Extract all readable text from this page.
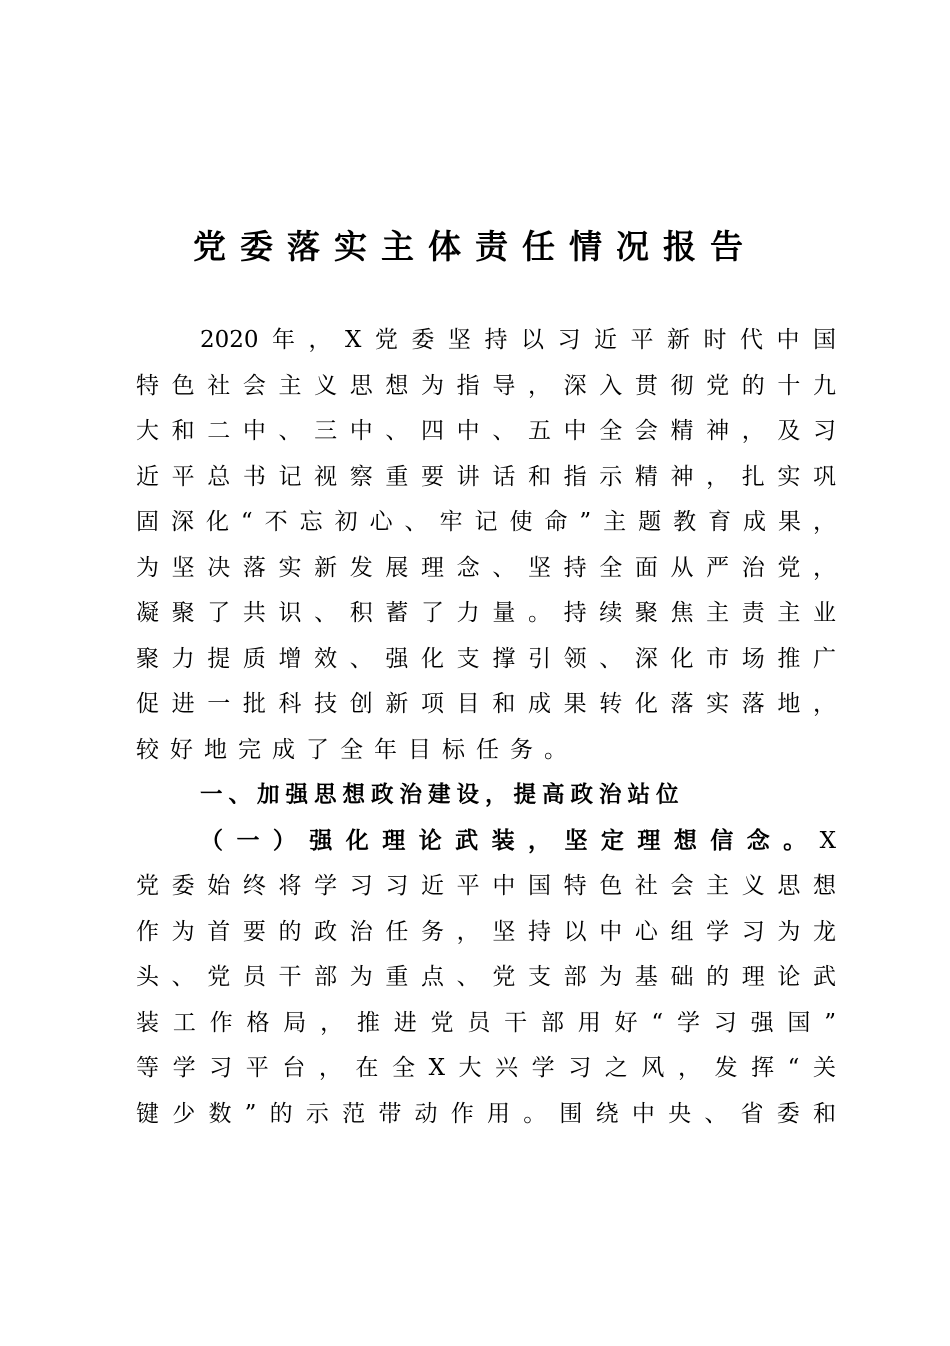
党委落实主体责任情况报告
2020年，X党委坚持以习近平新时代中国
特色社会主义思想为指导，深入贯彻党的十九
大和二中、三中、四中、五中全会精神，及习
近平总书记视察重要讲话和指示精神，扎实巩
固深化“不忘初心、牢记使命”主题教育成果，
为坚决落实新发展理念、坚持全面从严治党，
凝聚了共识、积蓄了力量。持续聚焦主责主业
聚力提质增效、强化支撑引领、深化市场推广
促进一批科技创新项目和成果转化落实落地，
较好地完成了全年目标任务。
一、加强思想政治建设，提高政治站位
（一）强化理论武装，坚定理想信念。X
党委始终将学习习近平中国特色社会主义思想
作为首要的政治任务，坚持以中心组学习为龙
头、党员干部为重点、党支部为基础的理论武
装工作格局，推进党员干部用好“学习强国”
等学习平台，在全X大兴学习之风，发挥“关
键少数”的示范带动作用。围绕中央、省委和
